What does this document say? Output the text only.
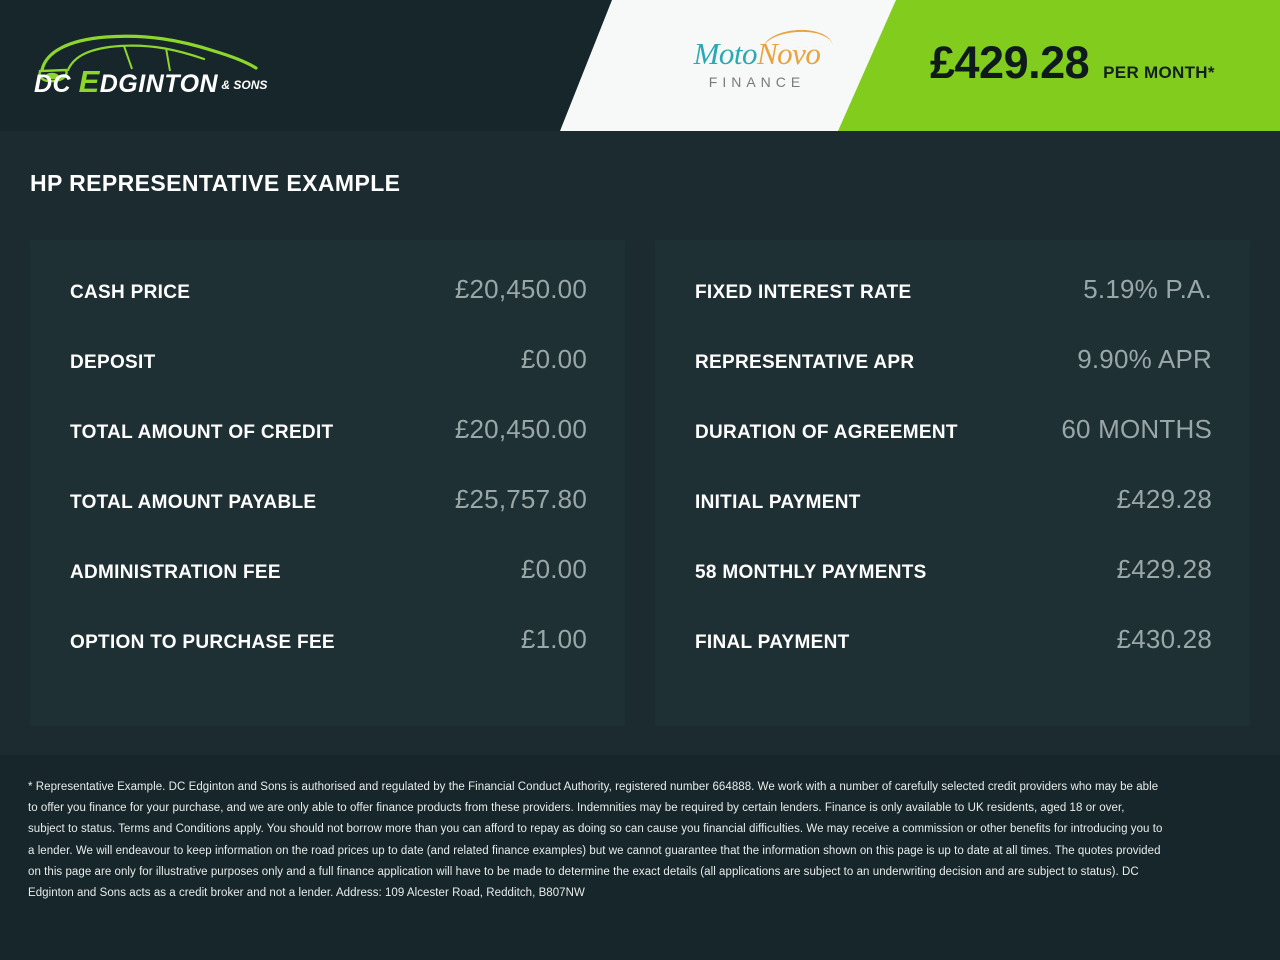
DC EDGINTON & SONS
MotoNovo
FINANCE	£429.28 PER MONTH*
HP REPRESENTATIVE EXAMPLE
CASH PRICE	£20,450.00
DEPOSIT	£0.00
TOTAL AMOUNT OF CREDIT	£20,450.00
TOTAL AMOUNT PAYABLE	£25,757.80
ADMINISTRATION FEE	£0.00
OPTION TO PURCHASE FEE	£1.00
FIXED INTEREST RATE	5.19% P.A.
REPRESENTATIVE APR	9.90% APR
DURATION OF AGREEMENT	60 MONTHS
INITIAL PAYMENT	£429.28
58 MONTHLY PAYMENTS	£429.28
FINAL PAYMENT	£430.28

* Representative Example. DC Edginton and Sons is authorised and regulated by the Financial Conduct Authority, registered number 664888. We work with a number of carefully selected credit providers who may be able to offer you finance for your purchase, and we are only able to offer finance products from these providers. Indemnities may be required by certain lenders. Finance is only available to UK residents, aged 18 or over, subject to status. Terms and Conditions apply. You should not borrow more than you can afford to repay as doing so can cause you financial difficulties. We may receive a commission or other benefits for introducing you to a lender. We will endeavour to keep information on the road prices up to date (and related finance examples) but we cannot guarantee that the information shown on this page is up to date at all times. The quotes provided on this page are only for illustrative purposes only and a full finance application will have to be made to determine the exact details (all applications are subject to an underwriting decision and are subject to status). DC Edginton and Sons acts as a credit broker and not a lender. Address: 109 Alcester Road, Redditch, B807NW
